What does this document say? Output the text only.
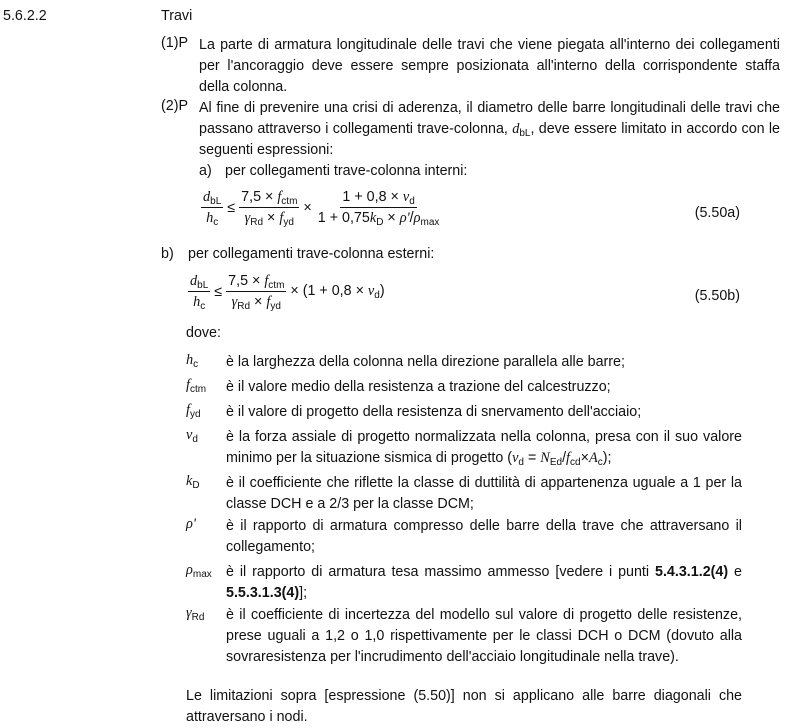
5.6.2.2	Travi
(1)P La parte di armatura longitudinale delle travi che viene piegata all'interno dei collegamenti per l'ancoraggio deve essere sempre posizionata all'interno della corrispondente staffa della colonna.
(2)P Al fine di prevenire una crisi di aderenza, il diametro delle barre longitudinali delle travi che passano attraverso i collegamenti trave-colonna, $d_{bL}$, deve essere limitato in accordo con le seguenti espressioni:
a) per collegamenti trave-colonna interni:
$\frac{d_{bL}}{h_c} \le \frac{7,5 \times f_{ctm}}{\gamma_{Rd} \times f_{yd}} \times \frac{1 + 0,8 \times \nu_d}{1 + 0,75k_D \times \rho'/\rho_{max}}$	(5.50a)
b) per collegamenti trave-colonna esterni:
$\frac{d_{bL}}{h_c} \le \frac{7,5 \times f_{ctm}}{\gamma_{Rd} \times f_{yd}} \times (1 + 0,8 \times \nu_d)$	(5.50b)
dove:
$h_c$ è la larghezza della colonna nella direzione parallela alle barre;
$f_{ctm}$ è il valore medio della resistenza a trazione del calcestruzzo;
$f_{yd}$ è il valore di progetto della resistenza di snervamento dell'acciaio;
$\nu_d$ è la forza assiale di progetto normalizzata nella colonna, presa con il suo valore minimo per la situazione sismica di progetto $(\nu_d = N_{Ed}/f_{cd}\times A_c)$;
$k_D$ è il coefficiente che riflette la classe di duttilità di appartenenza uguale a 1 per la classe DCH e a 2/3 per la classe DCM;
ρ' è il rapporto di armatura compresso delle barre della trave che attraversano il collegamento;
$\rho_{max}$ è il rapporto di armatura tesa massimo ammesso [vedere i punti 5.4.3.1.2(4) e 5.5.3.1.3(4)];
$\gamma_{Rd}$ è il coefficiente di incertezza del modello sul valore di progetto delle resistenze, prese uguali a 1,2 o 1,0 rispettivamente per le classi DCH o DCM (dovuto alla sovraresistenza per l'incrudimento dell'acciaio longitudinale nella trave).
Le limitazioni sopra [espressione (5.50)] non si applicano alle barre diagonali che attraversano i nodi.
